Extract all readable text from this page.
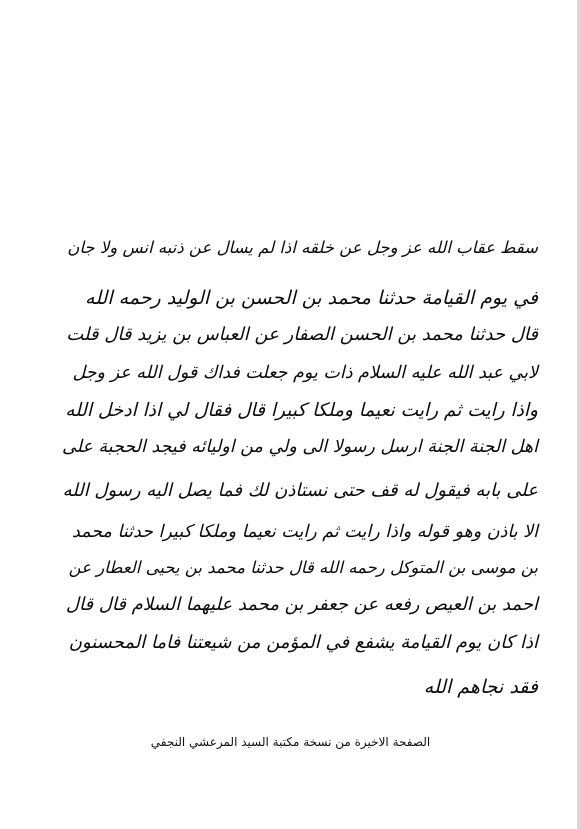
سقط عقاب الله عز وجل عن خلقه اذا لم يسال عن ذنبه انس ولا جان
في يوم القيامة حدثنا محمد بن الحسن بن الوليد رحمه الله
قال حدثنا محمد بن الحسن الصفار عن العباس بن يزيد قال قلت
لابي عبد الله عليه السلام ذات يوم جعلت فداك قول الله عز وجل
واذا رايت ثم رايت نعيما وملكا كبيرا قال فقال لي اذا ادخل الله
اهل الجنة الجنة ارسل رسولا الى ولي من اوليائه فيجد الحجبة على
على بابه فيقول له قف حتى نستاذن لك فما يصل اليه رسول الله
الا باذن وهو قوله واذا رايت ثم رايت نعيما وملكا كبيرا حدثنا محمد
بن موسى بن المتوكل رحمه الله قال حدثنا محمد بن يحيى العطار عن
احمد بن العيص رفعه عن جعفر بن محمد عليهما السلام قال قال
اذا كان يوم القيامة يشفع في المؤمن من شيعتنا فاما المحسنون
فقد نجاهم الله
الصفحة الاخيرة من نسخة مكتبة السيد المرعشي النجفي
